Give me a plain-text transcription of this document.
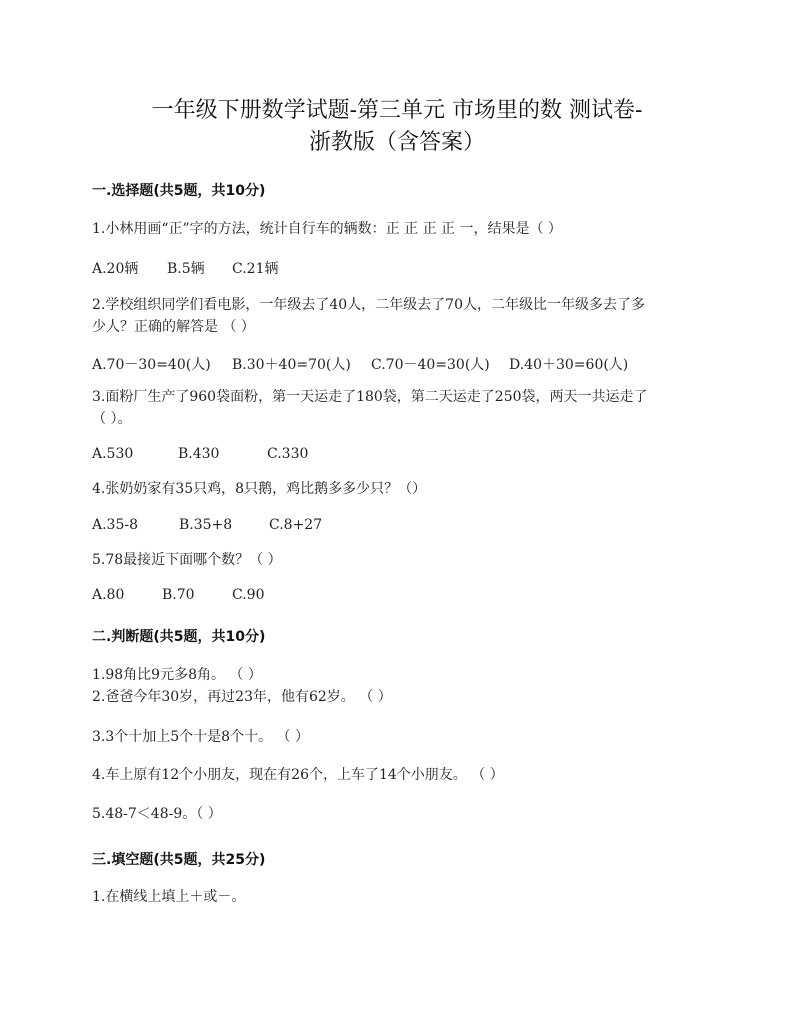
一年级下册数学试题-第三单元 市场里的数 测试卷-
浙教版（含答案）
一.选择题(共5题，共10分)
1.小林用画“正”字的方法，统计自行车的辆数：正 正 正 正 一，结果是（ ）
A.20辆 B.5辆 C.21辆
2.学校组织同学们看电影，一年级去了40人，二年级去了70人，二年级比一年级多去了多
少人？正确的解答是 （ ）
A.70－30=40(人) B.30＋40=70(人) C.70－40=30(人) D.40＋30=60(人)
3.面粉厂生产了960袋面粉，第一天运走了180袋，第二天运走了250袋，两天一共运走了
（ ）。
A.530	B.430	C.330
4.张奶奶家有35只鸡，8只鹅，鸡比鹅多多少只？（）
A.35-8	B.35+8	C.8+27
5.78最接近下面哪个数？（ ）
A.80	B.70	C.90
二.判断题(共5题，共10分)
1.98角比9元多8角。 （ ）
2.爸爸今年30岁，再过23年，他有62岁。 （ ）
3.3个十加上5个十是8个十。 （ ）
4.车上原有12个小朋友，现在有26个，上车了14个小朋友。 （ ）
5.48-7＜48-9。（ ）
三.填空题(共5题，共25分)
1.在横线上填上＋或－。
